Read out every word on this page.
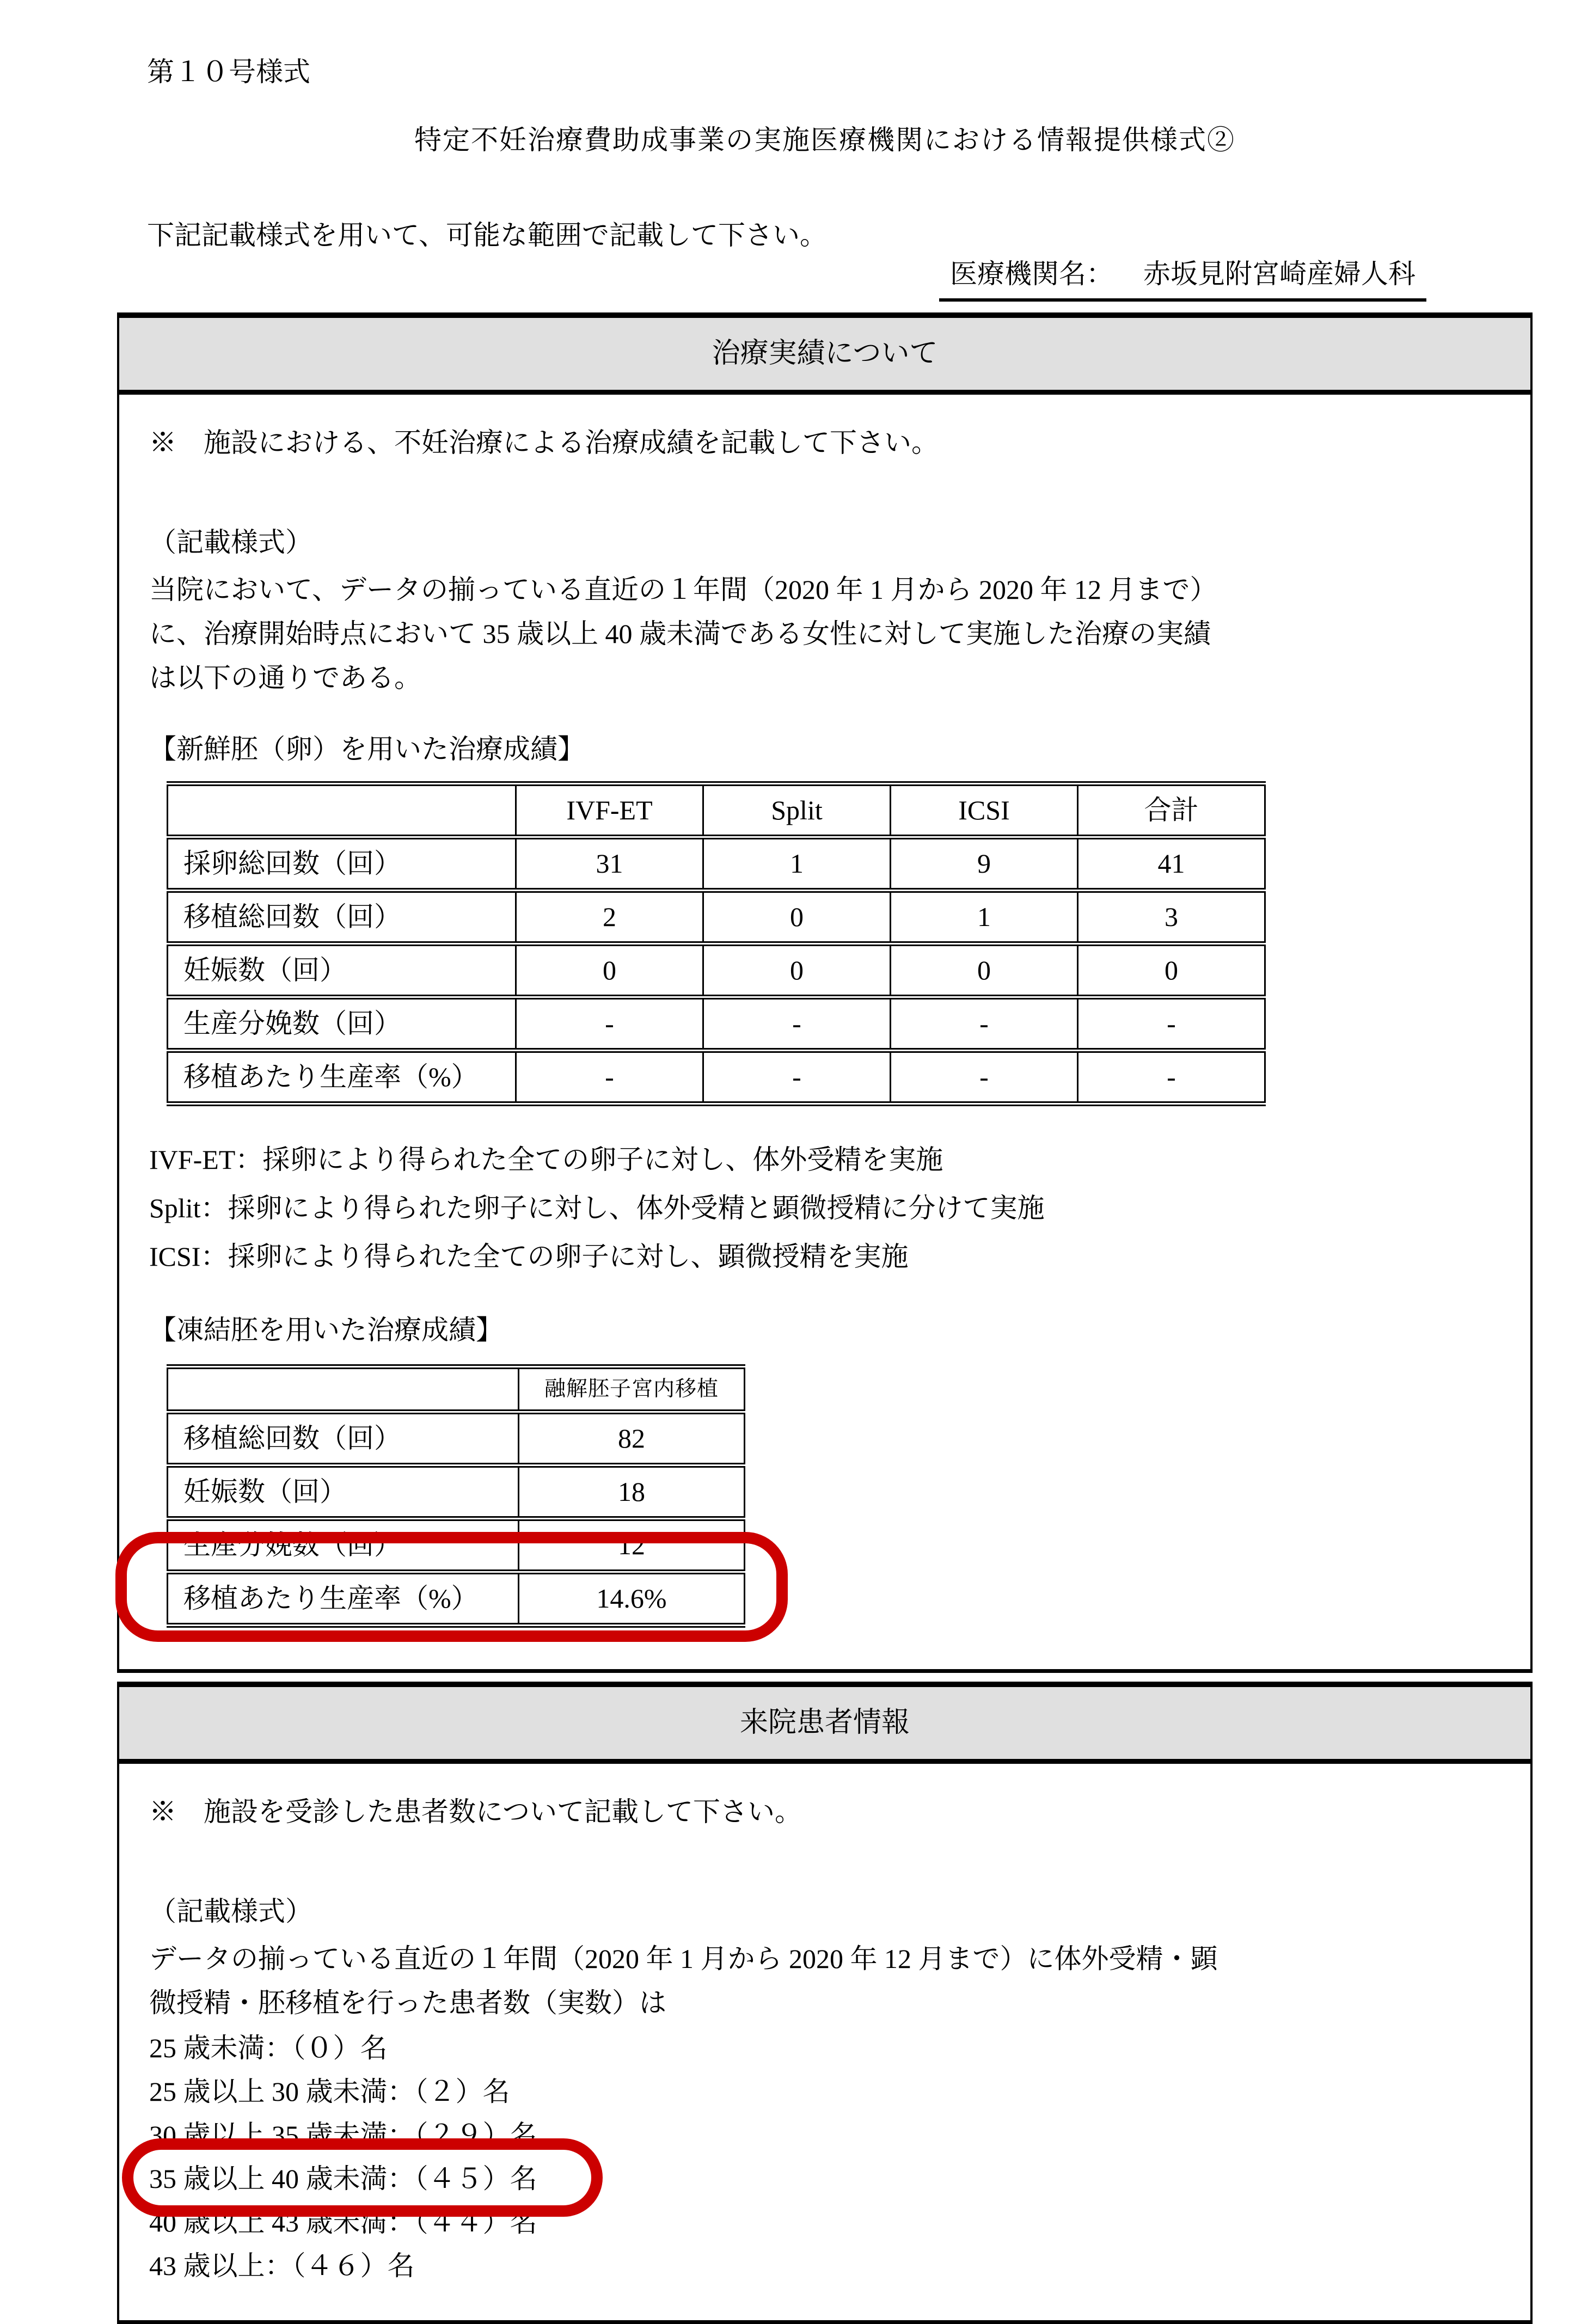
第１０号様式
特定不妊治療費助成事業の実施医療機関における情報提供様式②
下記記載様式を用いて、可能な範囲で記載して下さい。
医療機関名： 赤坂見附宮崎産婦人科
治療実績について

※　施設における、不妊治療による治療成績を記載して下さい。

（記載様式）

当院において、データの揃っている直近の１年間（2020 年 1 月から 2020 年 12 月まで）
に、治療開始時点において 35 歳以上 40 歳未満である女性に対して実施した治療の実績
は以下の通りである。
【新鮮胚（卵）を用いた治療成績】
	IVF-ET	Split	ICSI	合計
採卵総回数（回）	31	1	9	41
移植総回数（回）	2	0	1	3
妊娠数（回）	0	0	0	0
生産分娩数（回）	-	-	-	-
移植あたり生産率（%）	-	-	-	-
IVF-ET：採卵により得られた全ての卵子に対し、体外受精を実施
Split：採卵により得られた卵子に対し、体外受精と顕微授精に分けて実施
ICSI：採卵により得られた全ての卵子に対し、顕微授精を実施
【凍結胚を用いた治療成績】
	融解胚子宮内移植
移植総回数（回）	82
妊娠数（回）	18
生産分娩数（回）	12
移植あたり生産率（%）	14.6%
来院患者情報

※　施設を受診した患者数について記載して下さい。

（記載様式）

データの揃っている直近の１年間（2020 年 1 月から 2020 年 12 月まで）に体外受精・顕
微授精・胚移植を行った患者数（実数）は
25 歳未満：（０）名
25 歳以上 30 歳未満：（２）名
30 歳以上 35 歳未満：（２９）名
35 歳以上 40 歳未満：（４５）名
40 歳以上 43 歳未満：（４４）名
43 歳以上：（４６）名
